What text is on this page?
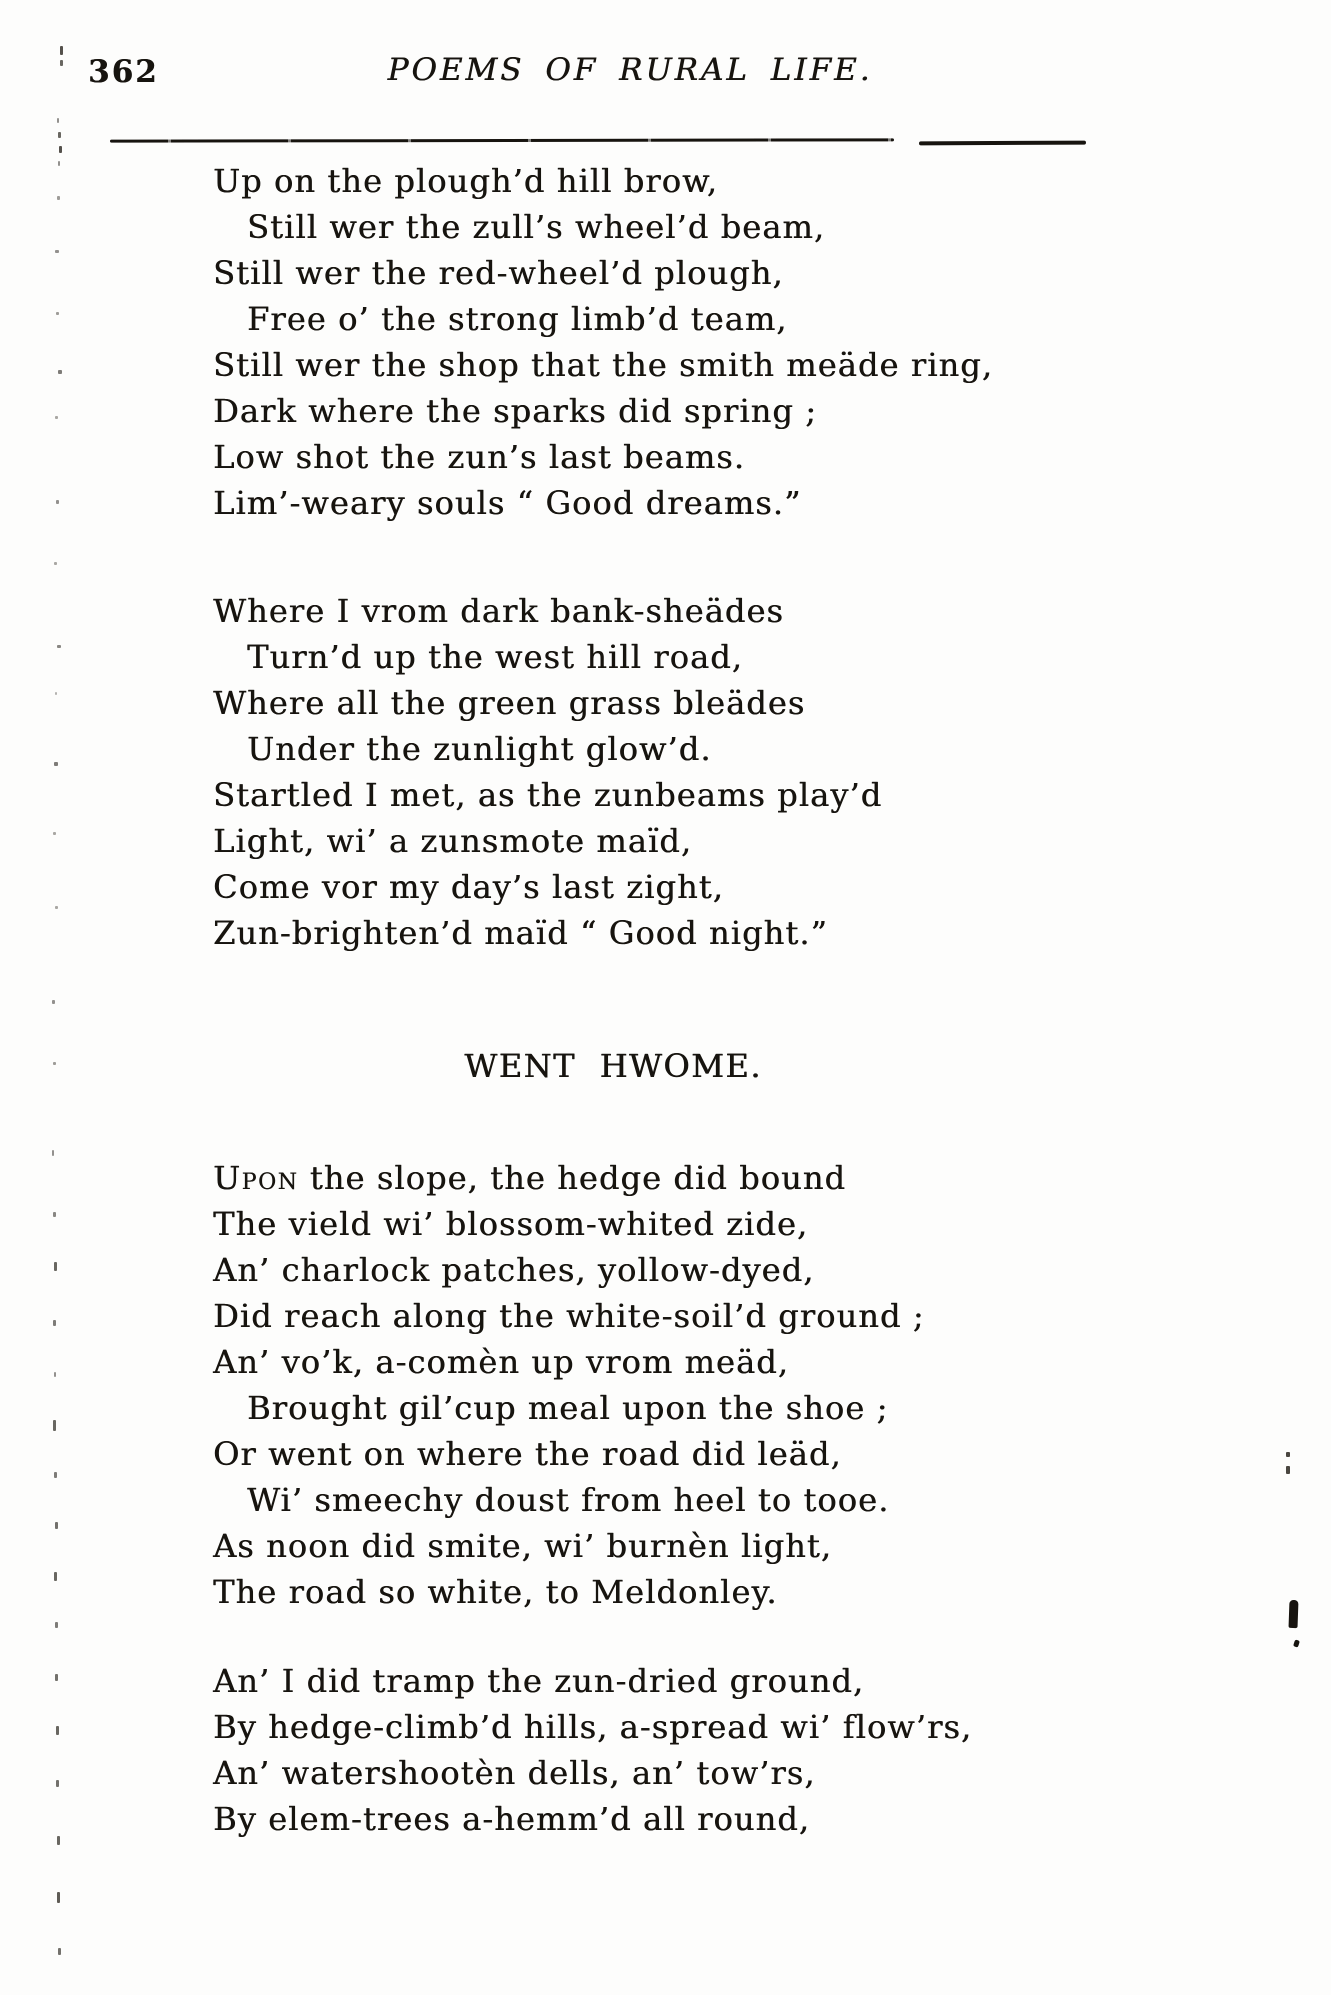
362	POEMS OF RURAL LIFE.
Up on the plough’d hill brow,
Still wer the zull’s wheel’d beam,
Still wer the red-wheel’d plough,
Free o’ the strong limb’d team,
Still wer the shop that the smith meäde ring,
Dark where the sparks did spring ;
Low shot the zun’s last beams.
Lim’-weary souls “ Good dreams.”
Where I vrom dark bank-sheädes
Turn’d up the west hill road,
Where all the green grass bleädes
Under the zunlight glow’d.
Startled I met, as the zunbeams play’d
Light, wi’ a zunsmote maïd,
Come vor my day’s last zight,
Zun-brighten’d maïd “ Good night.”
WENT HWOME.
Upon the slope, the hedge did bound
The vield wi’ blossom-whited zide,
An’ charlock patches, yollow-dyed,
Did reach along the white-soil’d ground ;
An’ vo’k, a-comèn up vrom meäd,
Brought gil’cup meal upon the shoe ;
Or went on where the road did leäd,
Wi’ smeechy doust from heel to tooe.
As noon did smite, wi’ burnèn light,
The road so white, to Meldonley.
An’ I did tramp the zun-dried ground,
By hedge-climb’d hills, a-spread wi’ flow’rs,
An’ watershootèn dells, an’ tow’rs,
By elem-trees a-hemm’d all round,
